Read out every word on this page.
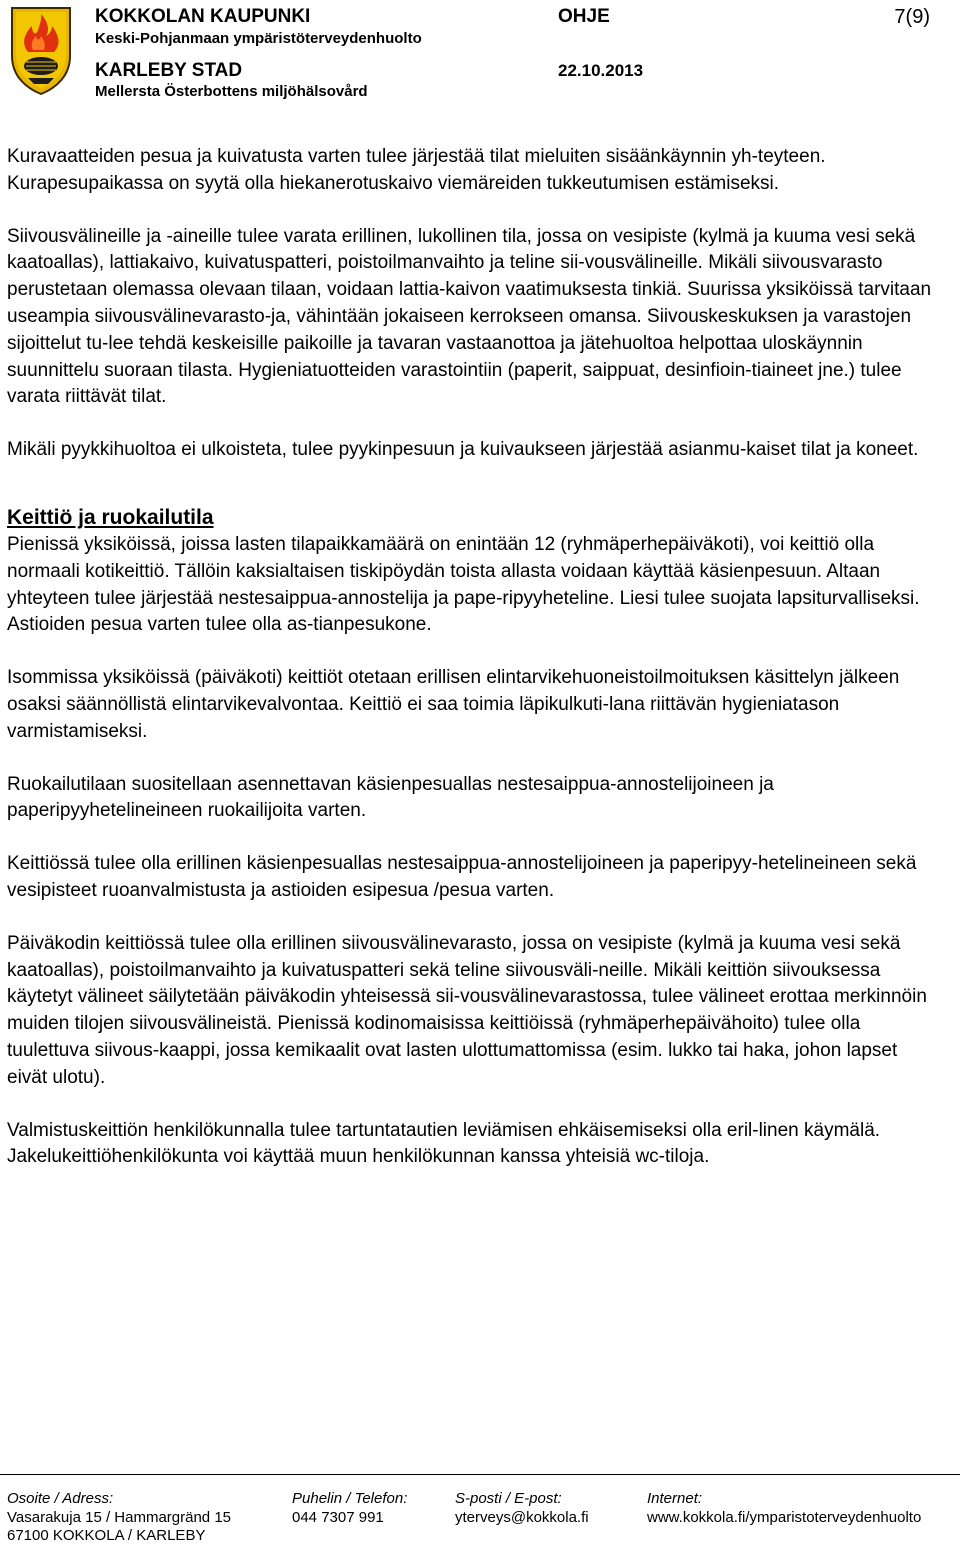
KOKKOLAN KAUPUNKI
Keski-Pohjanmaan ympäristöterveydenhuolto
KARLEBY STAD
Mellersta Österbottens miljöhälsovård
OHJE
22.10.2013
7(9)

Kuravaatteiden pesua ja kuivatusta varten tulee järjestää tilat mieluiten sisäänkäynnin yh-teyteen. Kurapesupaikassa on syytä olla hiekanerotuskaivo viemäreiden tukkeutumisen estämiseksi.

Siivousvälineille ja -aineille tulee varata erillinen, lukollinen tila, jossa on vesipiste (kylmä ja kuuma vesi sekä kaatoallas), lattiakaivo, kuivatuspatteri, poistoilmanvaihto ja teline sii-vousvälineille. Mikäli siivousvarasto perustetaan olemassa olevaan tilaan, voidaan lattia-kaivon vaatimuksesta tinkiä. Suurissa yksiköissä tarvitaan useampia siivousvälinevarasto-ja, vähintään jokaiseen kerrokseen omansa. Siivouskeskuksen ja varastojen sijoittelut tu-lee tehdä keskeisille paikoille ja tavaran vastaanottoa ja jätehuoltoa helpottaa uloskäynnin suunnittelu suoraan tilasta. Hygieniatuotteiden varastointiin (paperit, saippuat, desinfioin-tiaineet jne.) tulee varata riittävät tilat.

Mikäli pyykkihuoltoa ei ulkoisteta, tulee pyykinpesuun ja kuivaukseen järjestää asianmu-kaiset tilat ja koneet.

Keittiö ja ruokailutila

Pienissä yksiköissä, joissa lasten tilapaikkamäärä on enintään 12 (ryhmäperhepäiväkoti), voi keittiö olla normaali kotikeittiö. Tällöin kaksialtaisen tiskipöydän toista allasta voidaan käyttää käsienpesuun. Altaan yhteyteen tulee järjestää nestesaippua-annostelija ja pape-ripyyheteline. Liesi tulee suojata lapsiturvalliseksi. Astioiden pesua varten tulee olla as-tianpesukone.

Isommissa yksiköissä (päiväkoti) keittiöt otetaan erillisen elintarvikehuoneistoilmoituksen käsittelyn jälkeen osaksi säännöllistä elintarvikevalvontaa. Keittiö ei saa toimia läpikulkuti-lana riittävän hygieniatason varmistamiseksi.

Ruokailutilaan suositellaan asennettavan käsienpesuallas nestesaippua-annostelijoineen ja paperipyyhetelineineen ruokailijoita varten.

Keittiössä tulee olla erillinen käsienpesuallas nestesaippua-annostelijoineen ja paperipyy-hetelineineen sekä vesipisteet ruoanvalmistusta ja astioiden esipesua /pesua varten.

Päiväkodin keittiössä tulee olla erillinen siivousvälinevarasto, jossa on vesipiste (kylmä ja kuuma vesi sekä kaatoallas), poistoilmanvaihto ja kuivatuspatteri sekä teline siivousväli-neille. Mikäli keittiön siivouksessa käytetyt välineet säilytetään päiväkodin yhteisessä sii-vousvälinevarastossa, tulee välineet erottaa merkinnöin muiden tilojen siivousvälineistä. Pienissä kodinomaisissa keittiöissä (ryhmäperhepäivähoito) tulee olla tuulettuva siivous-kaappi, jossa kemikaalit ovat lasten ulottumattomissa (esim. lukko tai haka, johon lapset eivät ulotu).

Valmistuskeittiön henkilökunnalla tulee tartuntatautien leviämisen ehkäisemiseksi olla eril-linen käymälä. Jakelukeittiöhenkilökunta voi käyttää muun henkilökunnan kanssa yhteisiä wc-tiloja.

Osoite / Adress:
Vasarakuja 15 / Hammargränd 15
67100 KOKKOLA / KARLEBY
Puhelin / Telefon:
044 7307 991
S-posti / E-post:
yterveys@kokkola.fi
Internet:
www.kokkola.fi/ymparistoterveydenhuolto
